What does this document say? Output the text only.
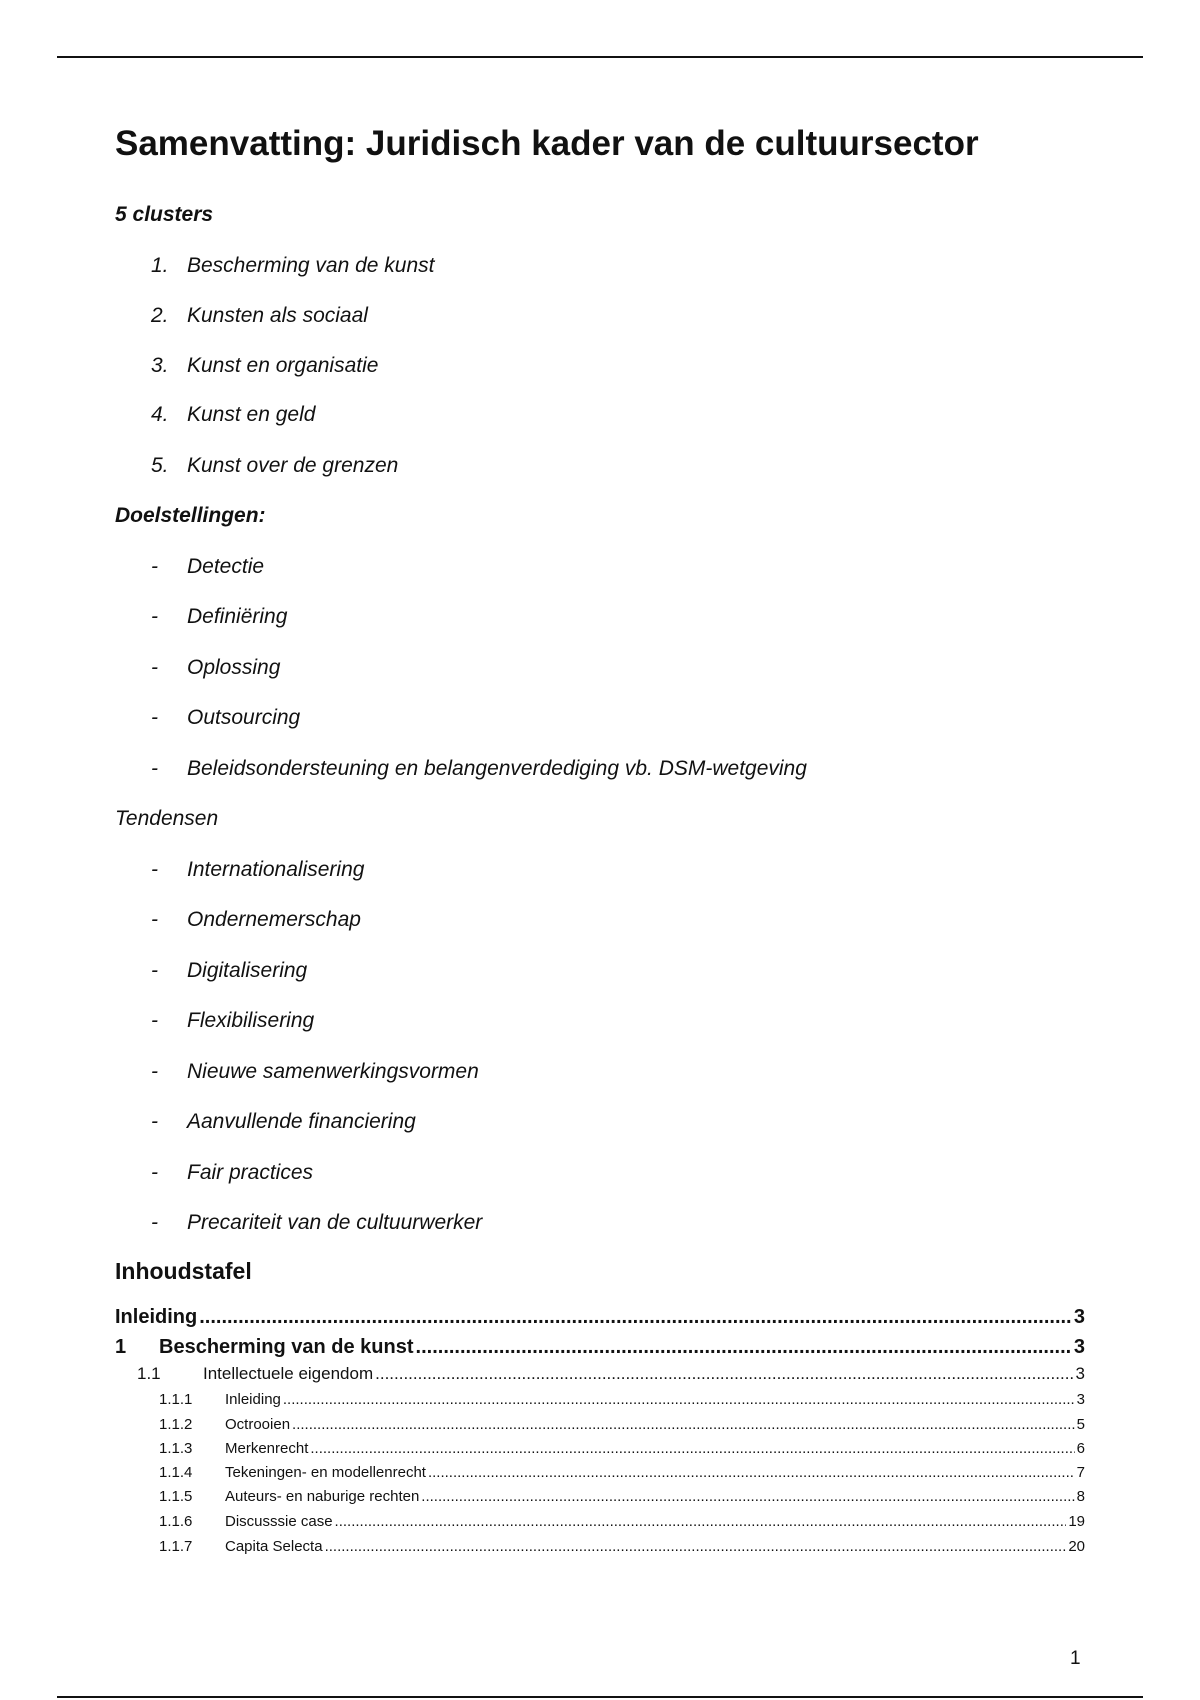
Samenvatting: Juridisch kader van de cultuursector
5 clusters
1. Bescherming van de kunst
2. Kunsten als sociaal
3. Kunst en organisatie
4. Kunst en geld
5. Kunst over de grenzen
Doelstellingen:
-	Detectie
-	Definiëring
-	Oplossing
-	Outsourcing
-	Beleidsondersteuning en belangenverdediging vb. DSM-wetgeving
Tendensen
-	Internationalisering
-	Ondernemerschap
-	Digitalisering
-	Flexibilisering
-	Nieuwe samenwerkingsvormen
-	Aanvullende financiering
-	Fair practices
-	Precariteit van de cultuurwerker
Inhoudstafel
Inleiding .....	3
1	Bescherming van de kunst .....	3
1.1	Intellectuele eigendom .....	3
1.1.1	Inleiding .....	3
1.1.2	Octrooien .....	5
1.1.3	Merkenrecht .....	6
1.1.4	Tekeningen- en modellenrecht .....	7
1.1.5	Auteurs- en naburige rechten .....	8
1.1.6	Discusssie case .....	19
1.1.7	Capita Selecta .....	20
1
